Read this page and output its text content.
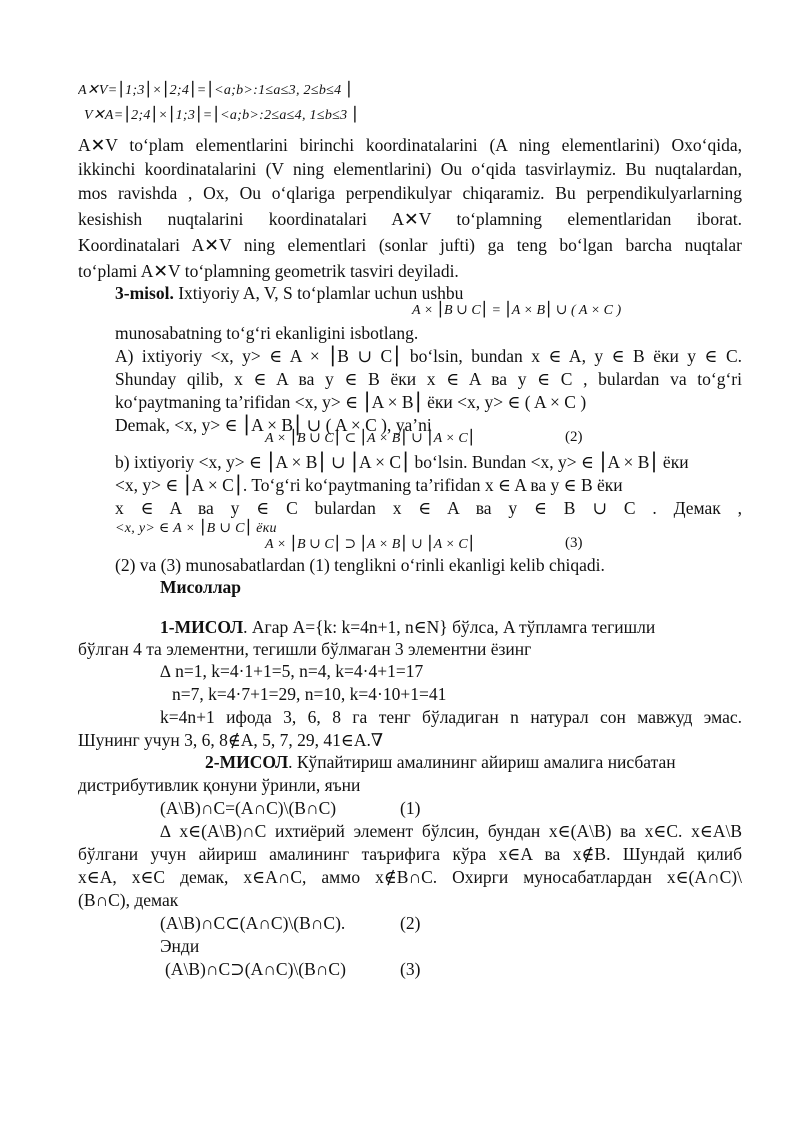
A✕V=⎮1;3⎮×⎮2;4⎮=⎮<a;b>:1≤a≤3, 2≤b≤4 ⎮
V✕A=⎮2;4⎮×⎮1;3⎮=⎮<a;b>:2≤a≤4, 1≤b≤3 ⎮
A✕V to‘plam elementlarini birinchi koordinatalarini (A ning elementlarini) Oxo‘qida,
ikkinchi koordinatalarini (V ning elementlarini) Ou o‘qida tasvirlaymiz. Bu nuqtalardan,
mos ravishda , Ox, Ou o‘qlariga perpendikulyar chiqaramiz. Bu perpendikulyarlarning
kesishish nuqtalarini koordinatalari A✕V to‘plamning elementlaridan iborat.
Koordinatalari A✕V ning elementlari (sonlar jufti) ga teng bo‘lgan barcha nuqtalar
to‘plami A✕V to‘plamning geometrik tasviri deyiladi.
3-misol. Ixtiyoriy A, V, S to‘plamlar uchun ushbu
A × ⎮B ∪ C⎮ = ⎮A × B⎮ ∪ ( A × C )
munosabatning to‘g‘ri ekanligini isbotlang.
A) ixtiyoriy <x, y> ∈ A × ⎮B ∪ C⎮ bo‘lsin, bundan x ∈ A, y ∈ B ёки y ∈ C.
Shunday qilib, x ∈ A ва y ∈ B ёки x ∈ A ва y ∈ C , bulardan va to‘g‘ri
ko‘paytmaning ta’rifidan <x, y> ∈ ⎮A × B⎮ ёки <x, y> ∈ ( A × C )
Demak, <x, y> ∈ ⎮A × B⎮ ∪ ( A × C ), ya’ni
A × ⎮B ∪ C⎮ ⊂ ⎮A × B⎮ ∪ ⎮A × C⎮	(2)
b) ixtiyoriy <x, y> ∈ ⎮A × B⎮ ∪ ⎮A × C⎮ bo‘lsin. Bundan <x, y> ∈ ⎮A × B⎮ ёки
<x, y> ∈ ⎮A × C⎮. To‘g‘ri ko‘paytmaning ta’rifidan x ∈ A ва y ∈ B ёки
x ∈ A ва y ∈ C bulardan x ∈ A ва y ∈ B ∪ C . Демак ,
<x, y> ∈ A × ⎮B ∪ C⎮ ёки
A × ⎮B ∪ C⎮ ⊃ ⎮A × B⎮ ∪ ⎮A × C⎮	(3)
(2) va (3) munosabatlardan (1) tenglikni o‘rinli ekanligi kelib chiqadi.
Мисоллар
1-МИСОЛ. Агар A={k: k=4n+1, n∈N} бўлса, A тўпламга тегишли
бўлган 4 та элементни, тегишли бўлмаган 3 элементни ёзинг
∆ n=1, k=4·1+1=5, n=4, k=4·4+1=17
n=7, k=4·7+1=29, n=10, k=4·10+1=41
k=4n+1 ифода 3, 6, 8 га тенг бўладиган n натурал сон мавжуд эмас.
Шунинг учун 3, 6, 8∉A, 5, 7, 29, 41∈A.∇
2-МИСОЛ. Кўпайтириш амалининг айириш амалига нисбатан
дистрибутивлик қонуни ўринли, яъни
(A\B)∩C=(A∩C)\(B∩C)	(1)
∆ x∈(A\B)∩C ихтиёрий элемент бўлсин, бундан x∈(A\B) ва x∈C. x∈A\B
бўлгани учун айириш амалининг таърифига кўра x∈A ва x∉B. Шундай қилиб
x∈A, x∈C демак, x∈A∩C, аммо x∉B∩C. Охирги муносабатлардан x∈(A∩C)\
(B∩C), демак
(A\B)∩C⊂(A∩C)\(B∩C).	(2)
Энди
(A\B)∩C⊃(A∩C)\(B∩C)	(3)
